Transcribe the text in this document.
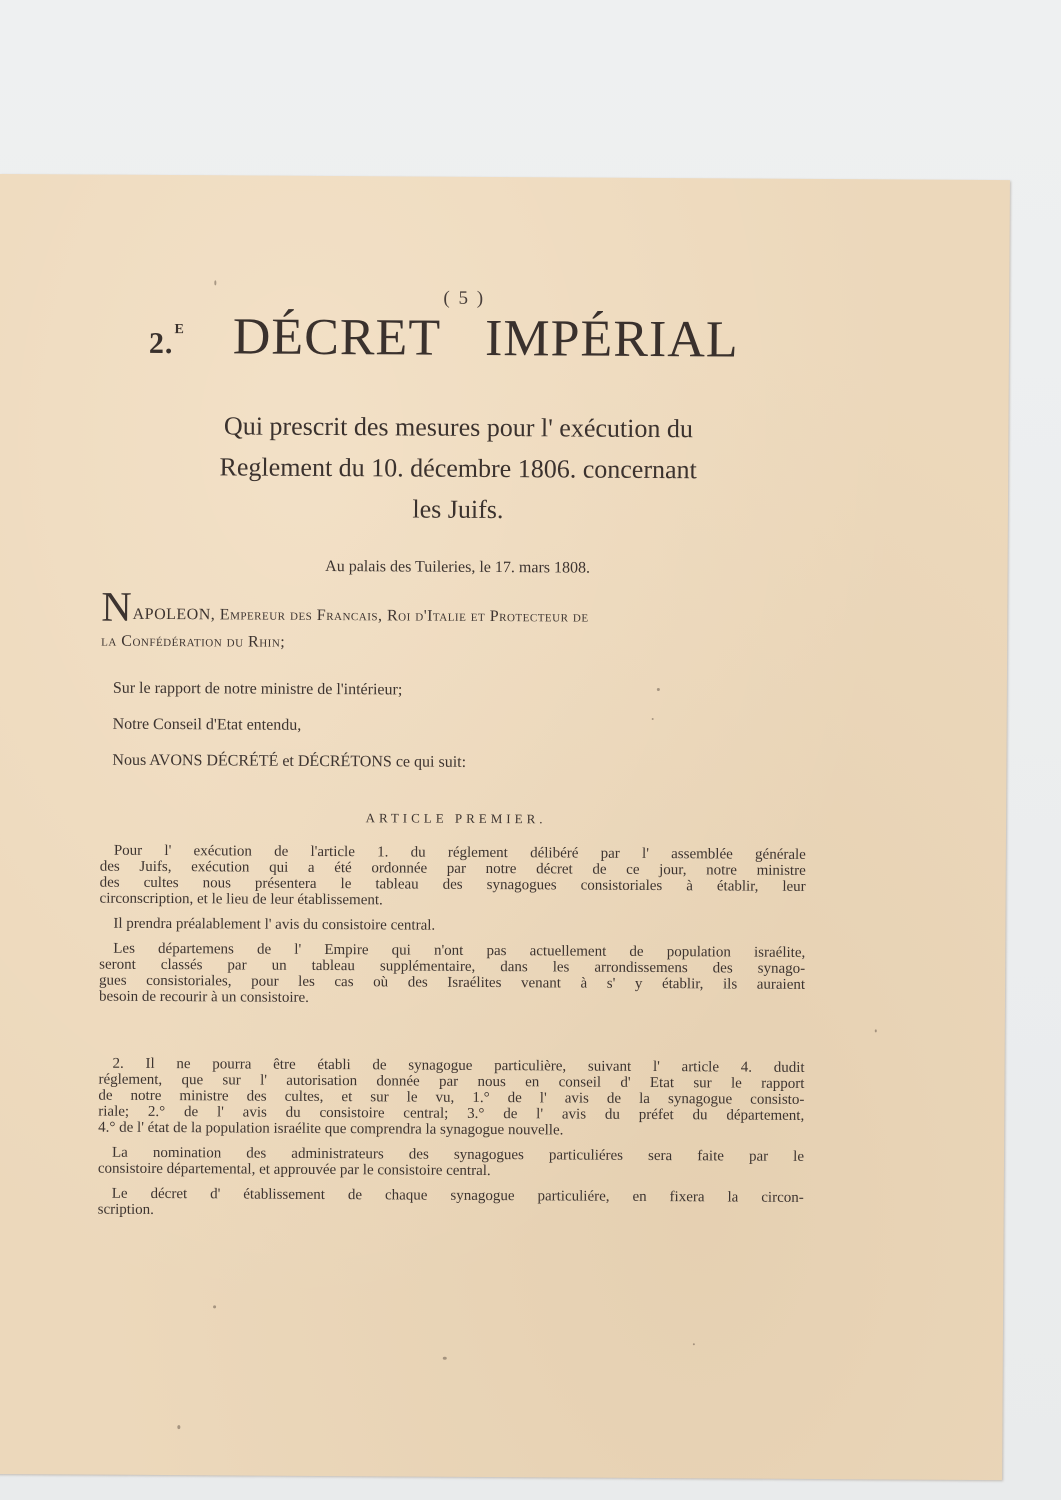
( 5 )
2.$^E$ DÉCRET IMPÉRIAL
Qui prescrit des mesures pour l' exécution du
Reglement du 10. décembre 1806. concernant
les Juifs.
Au palais des Tuileries, le 17. mars 1808.
NAPOLEON, Empereur des Francais, Roi d'Italie et Protecteur de
la Confédération du Rhin;
Sur le rapport de notre ministre de l'intérieur;
Notre Conseil d'Etat entendu,
Nous AVONS DÉCRÉTÉ et DÉCRÉTONS ce qui suit:
ARTICLE PREMIER.
Pour l' exécution de l'article 1. du réglement délibéré par l' assemblée générale
des Juifs, exécution qui a été ordonnée par notre décret de ce jour, notre ministre
des cultes nous présentera le tableau des synagogues consistoriales à établir, leur
circonscription, et le lieu de leur établissement.
Il prendra préalablement l' avis du consistoire central.
Les départemens de l' Empire qui n'ont pas actuellement de population israélite,
seront classés par un tableau supplémentaire, dans les arrondissemens des synago-
gues consistoriales, pour les cas où des Israélites venant à s' y établir, ils auraient
besoin de recourir à un consistoire.
2. Il ne pourra être établi de synagogue particulière, suivant l' article 4. dudit
réglement, que sur l' autorisation donnée par nous en conseil d' Etat sur le rapport
de notre ministre des cultes, et sur le vu, 1.° de l' avis de la synagogue consisto-
riale; 2.° de l' avis du consistoire central; 3.° de l' avis du préfet du département,
4.° de l' état de la population israélite que comprendra la synagogue nouvelle.
La nomination des administrateurs des synagogues particuliéres sera faite par le
consistoire départemental, et approuvée par le consistoire central.
Le décret d' établissement de chaque synagogue particuliére, en fixera la circon-
scription.
